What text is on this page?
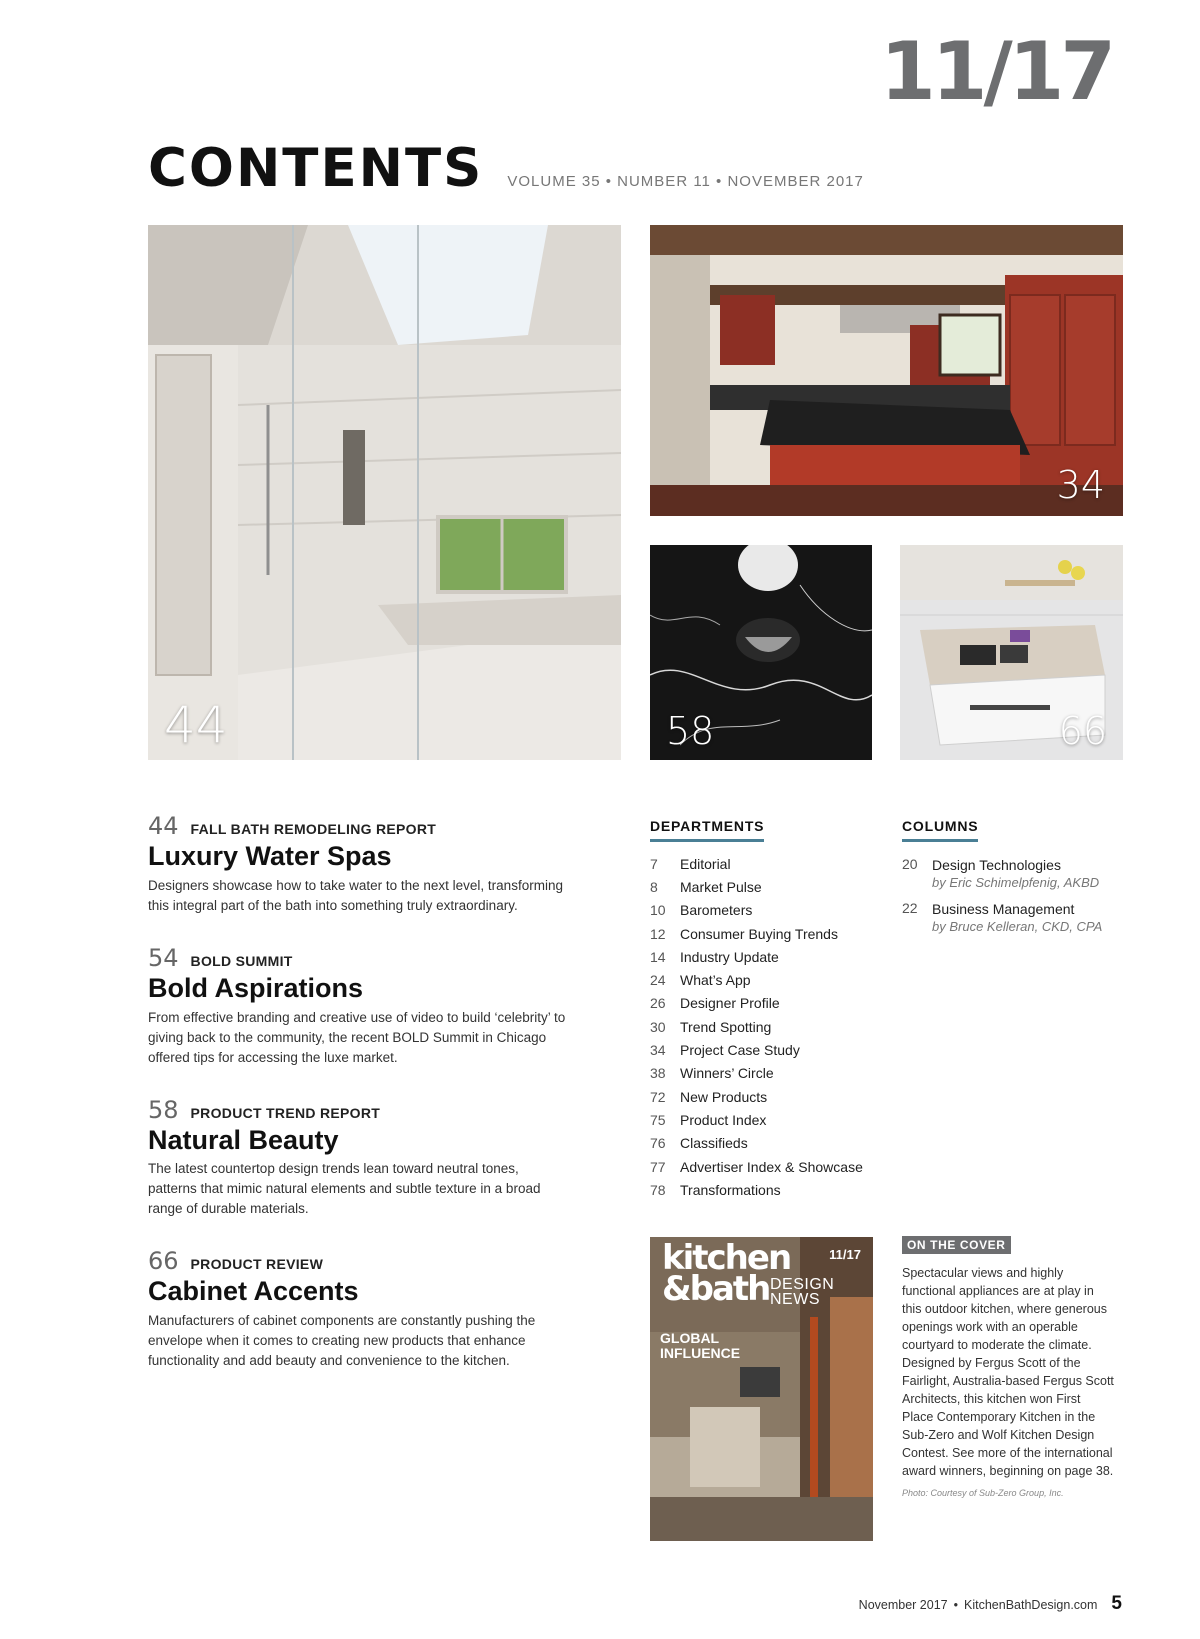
11/17
CONTENTS VOLUME 35 • NUMBER 11 • NOVEMBER 2017
44
34
58	66
44 FALL BATH REMODELING REPORT
Luxury Water Spas
Designers showcase how to take water to the next level, transforming this integral part of the bath into something truly extraordinary.
54 BOLD SUMMIT
Bold Aspirations
From effective branding and creative use of video to build ‘celebrity’ to giving back to the community, the recent BOLD Summit in Chicago offered tips for accessing the luxe market.
58 PRODUCT TREND REPORT
Natural Beauty
The latest countertop design trends lean toward neutral tones, patterns that mimic natural elements and subtle texture in a broad range of durable materials.
66 PRODUCT REVIEW
Cabinet Accents
Manufacturers of cabinet components are constantly pushing the envelope when it comes to creating new products that enhance functionality and add beauty and convenience to the kitchen.
DEPARTMENTS
7	Editorial
8	Market Pulse
10	Barometers
12	Consumer Buying Trends
14	Industry Update
24	What’s App
26	Designer Profile
30	Trend Spotting
34	Project Case Study
38	Winners’ Circle
72	New Products
75	Product Index
76	Classifieds
77	Advertiser Index & Showcase
78	Transformations
COLUMNS
20	Design Technologies
by Eric Schimelpfenig, AKBD
22	Business Management
by Bruce Kelleran, CKD, CPA
kitchen
&bath DESIGN
NEWS
11/17
GLOBAL INFLUENCE
ON THE COVER
Spectacular views and highly functional appliances are at play in this outdoor kitchen, where generous openings work with an operable courtyard to moderate the climate. Designed by Fergus Scott of the Fairlight, Australia-based Fergus Scott Architects, this kitchen won First Place Contemporary Kitchen in the Sub-Zero and Wolf Kitchen Design Contest. See more of the international award winners, beginning on page 38.
Photo: Courtesy of Sub-Zero Group, Inc.
November 2017 • KitchenBathDesign.com 5
